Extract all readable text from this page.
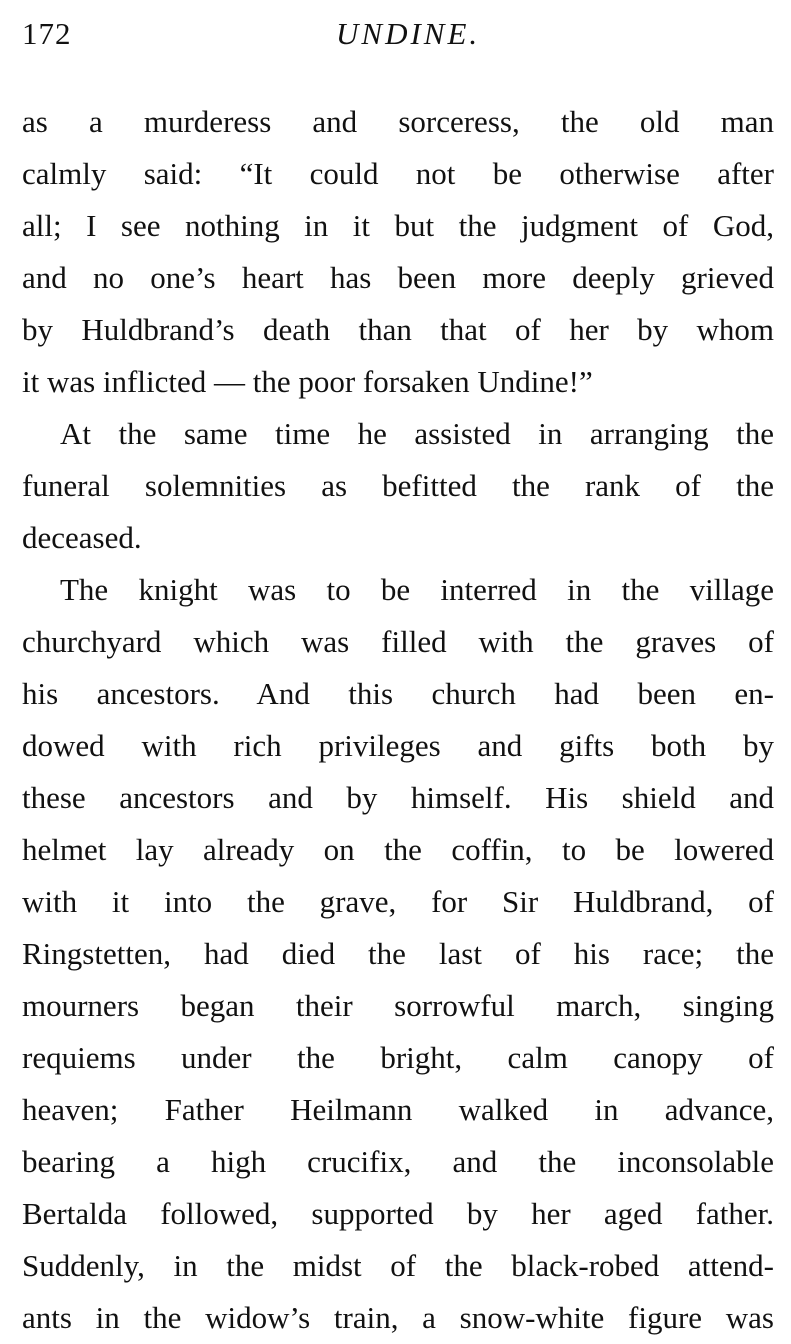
172	UNDINE.
as a murderess and sorceress, the old man
calmly said: “It could not be otherwise after
all; I see nothing in it but the judgment of God,
and no one’s heart has been more deeply grieved
by Huldbrand’s death than that of her by whom
it was inflicted — the poor forsaken Undine!”
At the same time he assisted in arranging the
funeral solemnities as befitted the rank of the
deceased.
The knight was to be interred in the village
churchyard which was filled with the graves of
his ancestors. And this church had been en-
dowed with rich privileges and gifts both by
these ancestors and by himself. His shield and
helmet lay already on the coffin, to be lowered
with it into the grave, for Sir Huldbrand, of
Ringstetten, had died the last of his race; the
mourners began their sorrowful march, singing
requiems under the bright, calm canopy of
heaven; Father Heilmann walked in advance,
bearing a high crucifix, and the inconsolable
Bertalda followed, supported by her aged father.
Suddenly, in the midst of the black-robed attend-
ants in the widow’s train, a snow-white figure was
